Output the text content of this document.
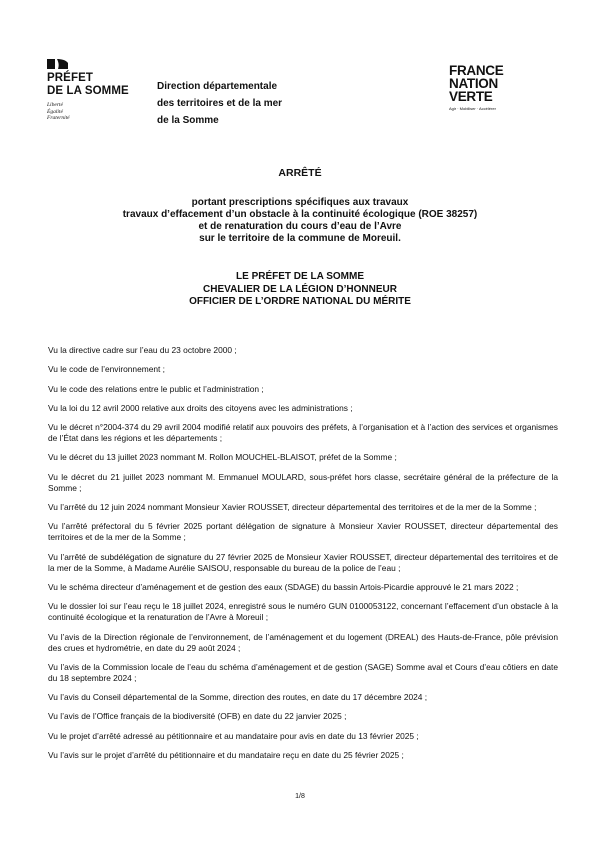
PRÉFET
DE LA SOMME
Liberté
Égalité
Fraternité
Direction départementale
des territoires et de la mer
de la Somme
FRANCE
NATION
VERTE
Agir · Mobiliser · Accélérer
ARRÊTÉ
portant prescriptions spécifiques aux travaux
travaux d’effacement d’un obstacle à la continuité écologique (ROE 38257)
et de renaturation du cours d’eau de l’Avre
sur le territoire de la commune de Moreuil.
LE PRÉFET DE LA SOMME
CHEVALIER DE LA LÉGION D’HONNEUR
OFFICIER DE L’ORDRE NATIONAL DU MÉRITE
Vu la directive cadre sur l’eau du 23 octobre 2000 ;
Vu le code de l’environnement ;
Vu le code des relations entre le public et l’administration ;
Vu la loi du 12 avril 2000 relative aux droits des citoyens avec les administrations ;
Vu le décret n°2004-374 du 29 avril 2004 modifié relatif aux pouvoirs des préfets, à l’organisation et à l’action des services et organismes de l’État dans les régions et les départements ;
Vu le décret du 13 juillet 2023 nommant M. Rollon MOUCHEL-BLAISOT, préfet de la Somme ;
Vu le décret du 21 juillet 2023 nommant M. Emmanuel MOULARD, sous-préfet hors classe, secrétaire général de la préfecture de la Somme ;
Vu l’arrêté du 12 juin 2024 nommant Monsieur Xavier ROUSSET, directeur départemental des territoires et de la mer de la Somme ;
Vu l’arrêté préfectoral du 5 février 2025 portant délégation de signature à Monsieur Xavier ROUSSET, directeur départemental des territoires et de la mer de la Somme ;
Vu l’arrêté de subdélégation de signature du 27 février 2025 de Monsieur Xavier ROUSSET, directeur départemental des territoires et de la mer de la Somme, à Madame Aurélie SAISOU, responsable du bureau de la police de l’eau ;
Vu le schéma directeur d’aménagement et de gestion des eaux (SDAGE) du bassin Artois-Picardie approuvé le 21 mars 2022 ;
Vu le dossier loi sur l’eau reçu le 18 juillet 2024, enregistré sous le numéro GUN 0100053122, concernant l’effacement d’un obstacle à la continuité écologique et la renaturation de l’Avre à Moreuil ;
Vu l’avis de la Direction régionale de l’environnement, de l’aménagement et du logement (DREAL) des Hauts-de-France, pôle prévision des crues et hydrométrie, en date du 29 août 2024 ;
Vu l’avis de la Commission locale de l’eau du schéma d’aménagement et de gestion (SAGE) Somme aval et Cours d’eau côtiers en date du 18 septembre 2024 ;
Vu l’avis du Conseil départemental de la Somme, direction des routes, en date du 17 décembre 2024 ;
Vu l’avis de l’Office français de la biodiversité (OFB) en date du 22 janvier 2025 ;
Vu le projet d’arrêté adressé au pétitionnaire et au mandataire pour avis en date du 13 février 2025 ;
Vu l’avis sur le projet d’arrêté du pétitionnaire et du mandataire reçu en date du 25 février 2025 ;
1/8
